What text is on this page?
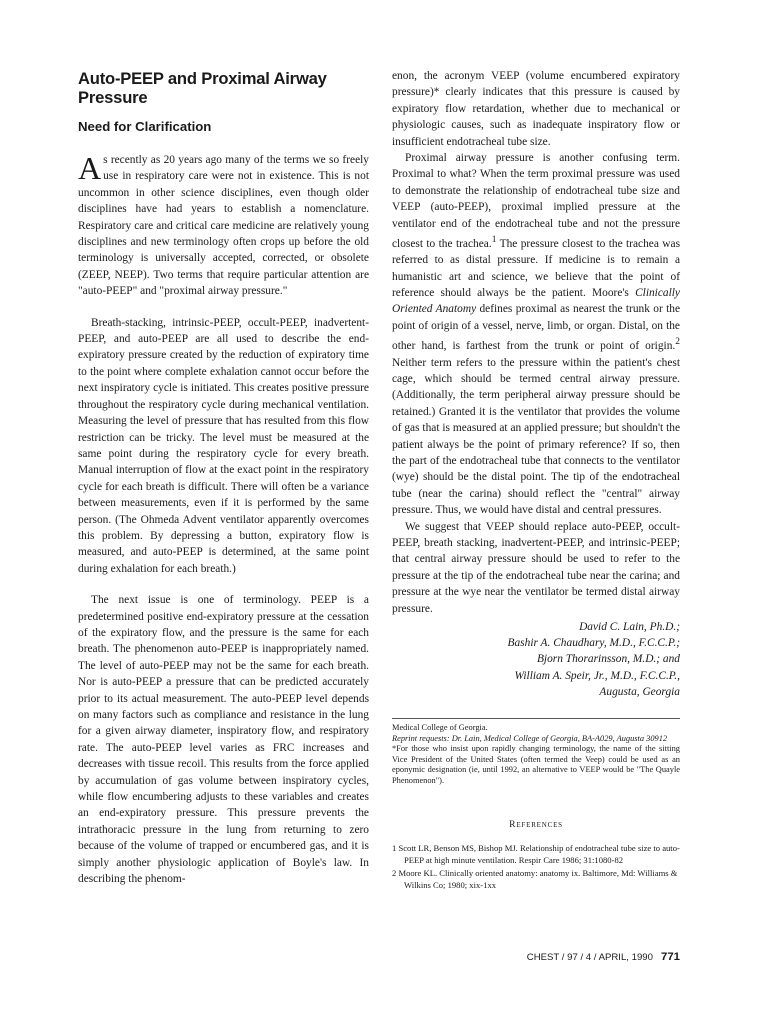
Auto-PEEP and Proximal Airway Pressure
Need for Clarification

As recently as 20 years ago many of the terms we so freely use in respiratory care were not in existence. This is not uncommon in other science disciplines, even though older disciplines have had years to establish a nomenclature. Respiratory care and critical care medicine are relatively young disciplines and new terminology often crops up before the old terminology is universally accepted, corrected, or obsolete (ZEEP, NEEP). Two terms that require particular attention are "auto-PEEP" and "proximal airway pressure."

Breath-stacking, intrinsic-PEEP, occult-PEEP, inadvertent-PEEP, and auto-PEEP are all used to describe the end-expiratory pressure created by the reduction of expiratory time to the point where complete exhalation cannot occur before the next inspiratory cycle is initiated. This creates positive pressure throughout the respiratory cycle during mechanical ventilation. Measuring the level of pressure that has resulted from this flow restriction can be tricky. The level must be measured at the same point during the respiratory cycle for every breath. Manual interruption of flow at the exact point in the respiratory cycle for each breath is difficult. There will often be a variance between measurements, even if it is performed by the same person. (The Ohmeda Advent ventilator apparently overcomes this problem. By depressing a button, expiratory flow is measured, and auto-PEEP is determined, at the same point during exhalation for each breath.)

The next issue is one of terminology. PEEP is a predetermined positive end-expiratory pressure at the cessation of the expiratory flow, and the pressure is the same for each breath. The phenomenon auto-PEEP is inappropriately named. The level of auto-PEEP may not be the same for each breath. Nor is auto-PEEP a pressure that can be predicted accurately prior to its actual measurement. The auto-PEEP level depends on many factors such as compliance and resistance in the lung for a given airway diameter, inspiratory flow, and respiratory rate. The auto-PEEP level varies as FRC increases and decreases with tissue recoil. This results from the force applied by accumulation of gas volume between inspiratory cycles, while flow encumbering adjusts to these variables and creates an end-expiratory pressure. This pressure prevents the intrathoracic pressure in the lung from returning to zero because of the volume of trapped or encumbered gas, and it is simply another physiologic application of Boyle's law. In describing the phenom-

enon, the acronym VEEP (volume encumbered expiratory pressure)* clearly indicates that this pressure is caused by expiratory flow retardation, whether due to mechanical or physiologic causes, such as inadequate inspiratory flow or insufficient endotracheal tube size.

Proximal airway pressure is another confusing term. Proximal to what? When the term proximal pressure was used to demonstrate the relationship of endotracheal tube size and VEEP (auto-PEEP), proximal implied pressure at the ventilator end of the endotracheal tube and not the pressure closest to the trachea.$^1$ The pressure closest to the trachea was referred to as distal pressure. If medicine is to remain a humanistic art and science, we believe that the point of reference should always be the patient. Moore's Clinically Oriented Anatomy defines proximal as nearest the trunk or the point of origin of a vessel, nerve, limb, or organ. Distal, on the other hand, is farthest from the trunk or point of origin.$^2$ Neither term refers to the pressure within the patient's chest cage, which should be termed central airway pressure. (Additionally, the term peripheral airway pressure should be retained.) Granted it is the ventilator that provides the volume of gas that is measured at an applied pressure; but shouldn't the patient always be the point of primary reference? If so, then the part of the endotracheal tube that connects to the ventilator (wye) should be the distal point. The tip of the endotracheal tube (near the carina) should reflect the "central" airway pressure. Thus, we would have distal and central pressures.

We suggest that VEEP should replace auto-PEEP, occult-PEEP, breath stacking, inadvertent-PEEP, and intrinsic-PEEP; that central airway pressure should be used to refer to the pressure at the tip of the endotracheal tube near the carina; and pressure at the wye near the ventilator be termed distal airway pressure.

David C. Lain, Ph.D.;
Bashir A. Chaudhary, M.D., F.C.C.P.;
Bjorn Thorarinsson, M.D.; and
William A. Speir, Jr., M.D., F.C.C.P.,
Augusta, Georgia
Medical College of Georgia.
Reprint requests: Dr. Lain, Medical College of Georgia, BA-A029, Augusta 30912
*For those who insist upon rapidly changing terminology, the name of the sitting Vice President of the United States (often termed the Veep) could be used as an eponymic designation (ie, until 1992, an alternative to VEEP would be "The Quayle Phenomenon").
References
1 Scott LR, Benson MS, Bishop MJ. Relationship of endotracheal tube size to auto-PEEP at high minute ventilation. Respir Care 1986; 31:1080-82
2 Moore KL. Clinically oriented anatomy: anatomy ix. Baltimore, Md: Williams & Wilkins Co; 1980; xix-1xx
CHEST / 97 / 4 / APRIL, 1990 771
